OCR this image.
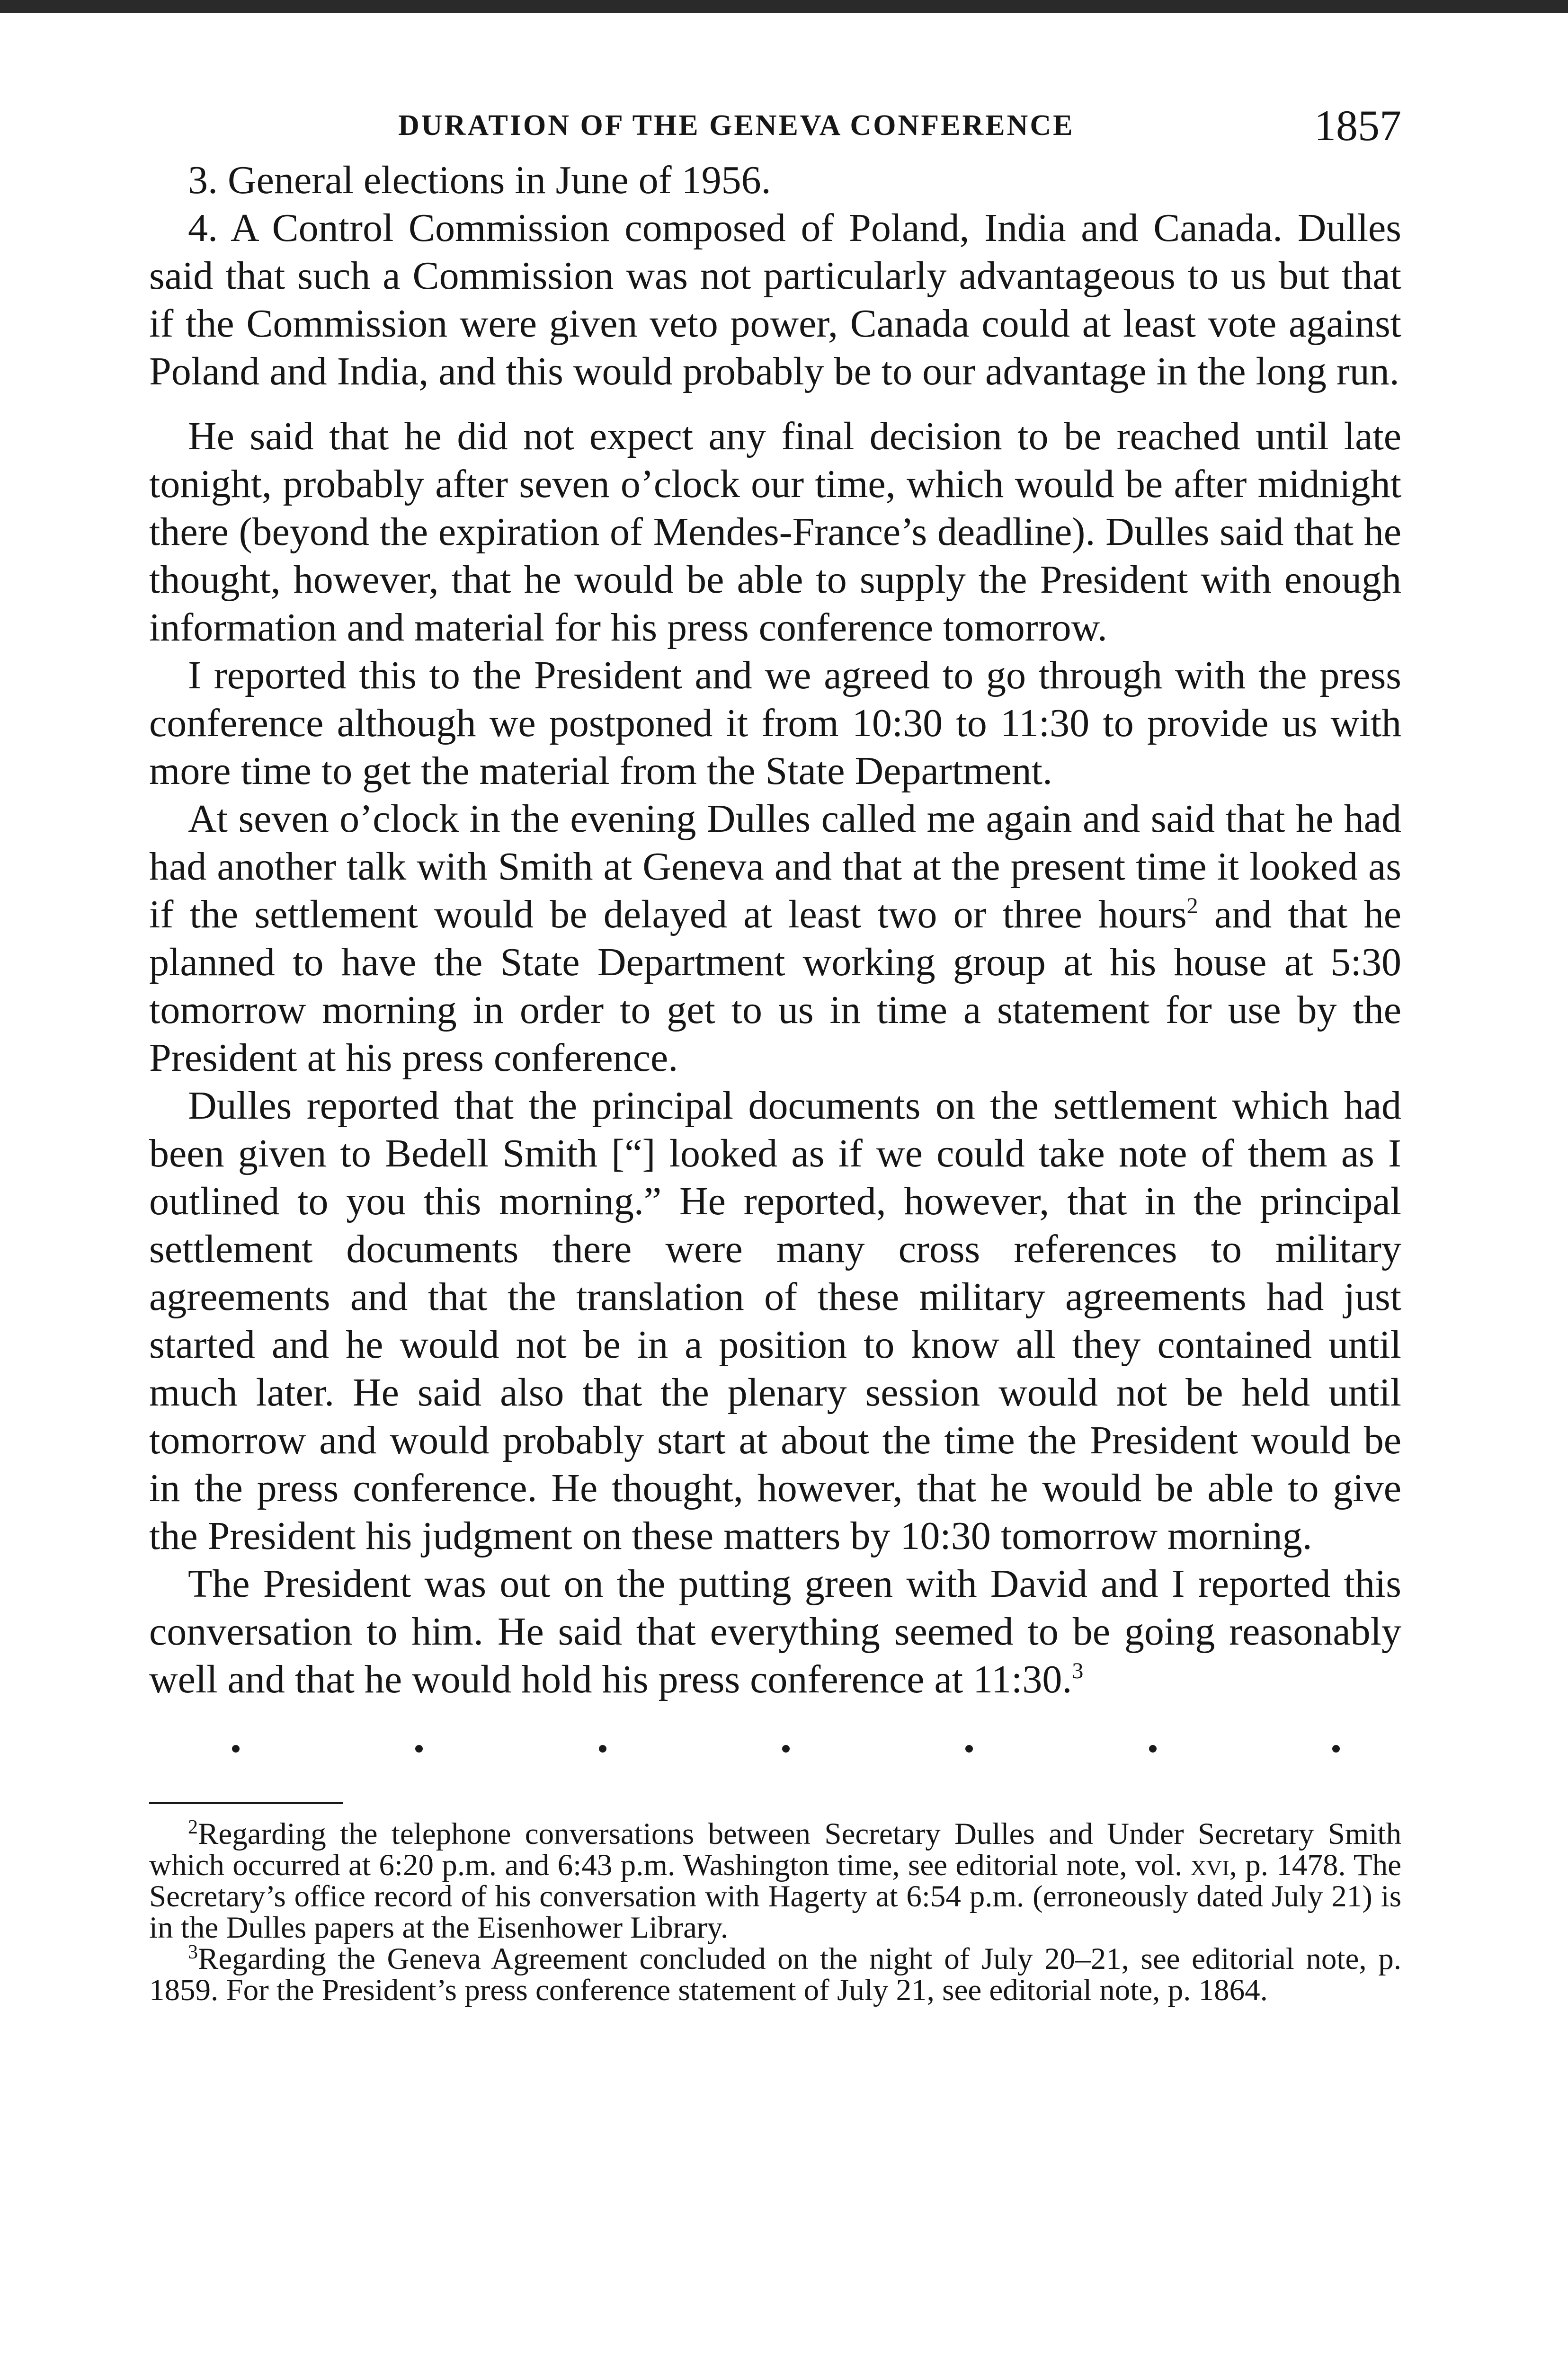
DURATION OF THE GENEVA CONFERENCE	1857

3. General elections in June of 1956.

4. A Control Commission composed of Poland, India and Canada. Dulles said that such a Commission was not particularly advantageous to us but that if the Commission were given veto power, Canada could at least vote against Poland and India, and this would probably be to our advantage in the long run.

He said that he did not expect any final decision to be reached until late tonight, probably after seven o’clock our time, which would be after midnight there (beyond the expiration of Mendes-France’s deadline). Dulles said that he thought, however, that he would be able to supply the President with enough information and material for his press conference tomorrow.

I reported this to the President and we agreed to go through with the press conference although we postponed it from 10:30 to 11:30 to provide us with more time to get the material from the State Department.

At seven o’clock in the evening Dulles called me again and said that he had had another talk with Smith at Geneva and that at the present time it looked as if the settlement would be delayed at least two or three hours$^2$ and that he planned to have the State Department working group at his house at 5:30 tomorrow morning in order to get to us in time a statement for use by the President at his press conference.

Dulles reported that the principal documents on the settlement which had been given to Bedell Smith [“] looked as if we could take note of them as I outlined to you this morning.” He reported, however, that in the principal settlement documents there were many cross references to military agreements and that the translation of these military agreements had just started and he would not be in a position to know all they contained until much later. He said also that the plenary session would not be held until tomorrow and would probably start at about the time the President would be in the press conference. He thought, however, that he would be able to give the President his judgment on these matters by 10:30 tomorrow morning.

The President was out on the putting green with David and I reported this conversation to him. He said that everything seemed to be going reasonably well and that he would hold his press conference at 11:30.$^3$

$^2$Regarding the telephone conversations between Secretary Dulles and Under Secretary Smith which occurred at 6:20 p.m. and 6:43 p.m. Washington time, see editorial note, vol. xvi, p. 1478. The Secretary’s office record of his conversation with Hagerty at 6:54 p.m. (erroneously dated July 21) is in the Dulles papers at the Eisenhower Library.

$^3$Regarding the Geneva Agreement concluded on the night of July 20–21, see editorial note, p. 1859. For the President’s press conference statement of July 21, see editorial note, p. 1864.
